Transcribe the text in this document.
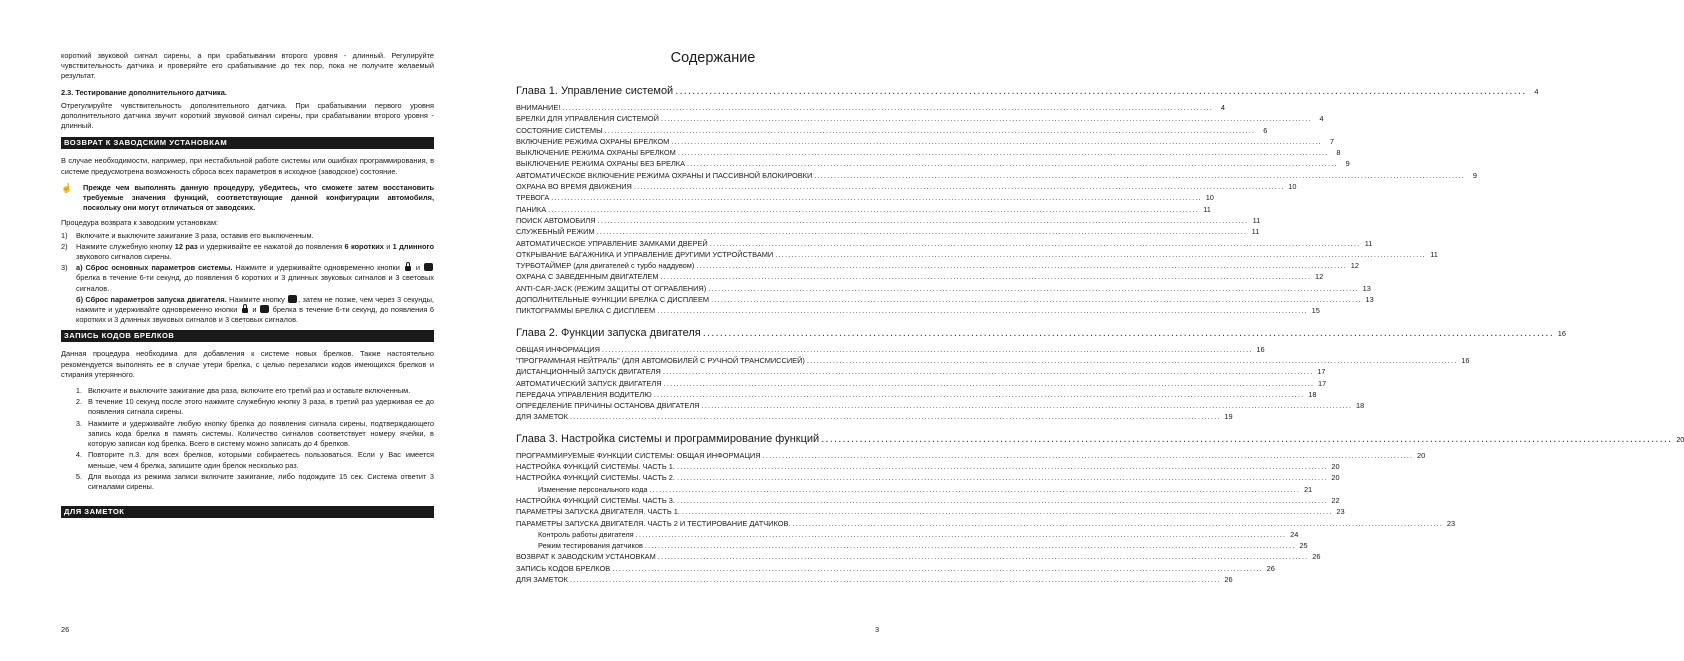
короткий звуковой сигнал сирены, а при срабатывании второго уровня - длинный. Регулируйте чувствительность датчика и проверяйте его срабатывание до тех пор, пока не получите желаемый результат.

2.3. Тестирование дополнительного датчика.

Отрегулируйте чувствительность дополнительного датчика. При срабатывании первого уровня дополнительного датчика звучит короткий звуковой сигнал сирены, при срабатывании второго уровня - длинный.

ВОЗВРАТ К ЗАВОДСКИМ УСТАНОВКАМ

В случае необходимости, например, при нестабильной работе системы или ошибках программирования, в системе предусмотрена возможность сброса всех параметров в исходное (заводское) состояние.

☝	Прежде чем выполнять данную процедуру, убедитесь, что сможете затем восстановить требуемые значения функций, соответствующие данной конфигурации автомобиля, поскольку они могут отличаться от заводских.
Процедура возврата к заводским установкам:
1)	Включите и выключите зажигание 3 раза, оставив его выключенным.
2)	Нажмите служебную кнопку 12 раз и удерживайте ее нажатой до появления 6 коротких и 1 длинного звукового сигналов сирены.
3)	а) Сброс основных параметров системы. Нажмите и удерживайте одновременно кнопки  и  брелка в течение 6-ти секунд, до появления 6 коротких и 3 длинных звуковых сигналов и 3 световых сигналов.
б) Сброс параметров запуска двигателя. Нажмите кнопку , затем не позже, чем через 3 секунды, нажмите и удерживайте одновременно кнопки  и  брелка в течение 6-ти секунд, до появления 6 коротких и 3 длинных звуковых сигналов и 3 световых сигналов.
ЗАПИСЬ КОДОВ БРЕЛКОВ

Данная процедура необходима для добавления к системе новых брелков. Также настоятельно рекомендуется выполнять ее в случае утери брелка, с целью перезаписи кодов имеющихся брелков и стирания утерянного.

1. Включите и выключите зажигание два раза, включите его третий раз и оставьте включенным.
2. В течение 10 секунд после этого нажмите служебную кнопку 3 раза, в третий раз удерживая ее до появления сигнала сирены.
3. Нажмите и удерживайте любую кнопку брелка до появления сигнала сирены, подтверждающего запись кода брелка в память системы. Количество сигналов соответствует номеру ячейки, в которую записан код брелка. Всего в систему можно записать до 4 брелков.
4. Повторите п.3. для всех брелков, которыми собираетесь пользоваться. Если у Вас имеется меньше, чем 4 брелка, запишите один брелок несколько раз.
5. Для выхода из режима записи включите зажигание, либо подождите 15 сек. Система ответит 3 сигналами сирены.
ДЛЯ ЗАМЕТОК
26
Содержание
Глава 1. Управление системой ........................................................................................................................................................................................................	4
ВНИМАНИЕ! ........................................................................................................................................................................................................	4
БРЕЛКИ ДЛЯ УПРАВЛЕНИЯ СИСТЕМОЙ ........................................................................................................................................................................................................	4
СОСТОЯНИЕ СИСТЕМЫ ........................................................................................................................................................................................................	6
ВКЛЮЧЕНИЕ РЕЖИМА ОХРАНЫ БРЕЛКОМ ........................................................................................................................................................................................................	7
ВЫКЛЮЧЕНИЕ РЕЖИМА ОХРАНЫ БРЕЛКОМ ........................................................................................................................................................................................................	8
ВЫКЛЮЧЕНИЕ РЕЖИМА ОХРАНЫ БЕЗ БРЕЛКА ........................................................................................................................................................................................................	9
АВТОМАТИЧЕСКОЕ ВКЛЮЧЕНИЕ РЕЖИМА ОХРАНЫ И ПАССИВНОЙ БЛОКИРОВКИ ........................................................................................................................................................................................................	9
ОХРАНА ВО ВРЕМЯ ДВИЖЕНИЯ ........................................................................................................................................................................................................ 10
ТРЕВОГА ........................................................................................................................................................................................................ 10
ПАНИКА ........................................................................................................................................................................................................ 11
ПОИСК АВТОМОБИЛЯ ........................................................................................................................................................................................................ 11
СЛУЖЕБНЫЙ РЕЖИМ ........................................................................................................................................................................................................ 11
АВТОМАТИЧЕСКОЕ УПРАВЛЕНИЕ ЗАМКАМИ ДВЕРЕЙ ........................................................................................................................................................................................................ 11
ОТКРЫВАНИЕ БАГАЖНИКА И УПРАВЛЕНИЕ ДРУГИМИ УСТРОЙСТВАМИ ........................................................................................................................................................................................................ 11
ТУРБОТАЙМЕР (для двигателей с турбо наддувом) ........................................................................................................................................................................................................ 12
ОХРАНА С ЗАВЕДЕННЫМ ДВИГАТЕЛЕМ ........................................................................................................................................................................................................ 12
ANTI-CAR-JACK (РЕЖИМ ЗАЩИТЫ ОТ ОГРАБЛЕНИЯ) ........................................................................................................................................................................................................ 13
ДОПОЛНИТЕЛЬНЫЕ ФУНКЦИИ БРЕЛКА С ДИСПЛЕЕМ ........................................................................................................................................................................................................ 13
ПИКТОГРАММЫ БРЕЛКА С ДИСПЛЕЕМ ........................................................................................................................................................................................................ 15
Глава 2. Функции запуска двигателя ........................................................................................................................................................................................................ 16
ОБЩАЯ ИНФОРМАЦИЯ ........................................................................................................................................................................................................ 16
"ПРОГРАММНАЯ НЕЙТРАЛЬ" (ДЛЯ АВТОМОБИЛЕЙ С РУЧНОЙ ТРАНСМИССИЕЙ) ........................................................................................................................................................................................................ 16
ДИСТАНЦИОННЫЙ ЗАПУСК ДВИГАТЕЛЯ ........................................................................................................................................................................................................ 17
АВТОМАТИЧЕСКИЙ ЗАПУСК ДВИГАТЕЛЯ ........................................................................................................................................................................................................ 17
ПЕРЕДАЧА УПРАВЛЕНИЯ ВОДИТЕЛЮ ........................................................................................................................................................................................................ 18
ОПРЕДЕЛЕНИЕ ПРИЧИНЫ ОСТАНОВА ДВИГАТЕЛЯ ........................................................................................................................................................................................................ 18
ДЛЯ ЗАМЕТОК ........................................................................................................................................................................................................ 19
Глава 3. Настройка системы и программирование функций ........................................................................................................................................................................................................ 20
ПРОГРАММИРУЕМЫЕ ФУНКЦИИ СИСТЕМЫ: ОБЩАЯ ИНФОРМАЦИЯ ........................................................................................................................................................................................................ 20
НАСТРОЙКА ФУНКЦИЙ СИСТЕМЫ. ЧАСТЬ 1. ........................................................................................................................................................................................................ 20
НАСТРОЙКА ФУНКЦИЙ СИСТЕМЫ. ЧАСТЬ 2. ........................................................................................................................................................................................................ 20
Изменение персонального кода ........................................................................................................................................................................................................ 21
НАСТРОЙКА ФУНКЦИЙ СИСТЕМЫ. ЧАСТЬ 3. ........................................................................................................................................................................................................ 22
ПАРАМЕТРЫ ЗАПУСКА ДВИГАТЕЛЯ. ЧАСТЬ 1. ........................................................................................................................................................................................................ 23
ПАРАМЕТРЫ ЗАПУСКА ДВИГАТЕЛЯ. ЧАСТЬ 2 И ТЕСТИРОВАНИЕ ДАТЧИКОВ. ........................................................................................................................................................................................................ 23
Контроль работы двигателя ........................................................................................................................................................................................................ 24
Режим тестирования датчиков ........................................................................................................................................................................................................ 25
ВОЗВРАТ К ЗАВОДСКИМ УСТАНОВКАМ ........................................................................................................................................................................................................ 26
ЗАПИСЬ КОДОВ БРЕЛКОВ ........................................................................................................................................................................................................ 26
ДЛЯ ЗАМЕТОК ........................................................................................................................................................................................................ 26
3
